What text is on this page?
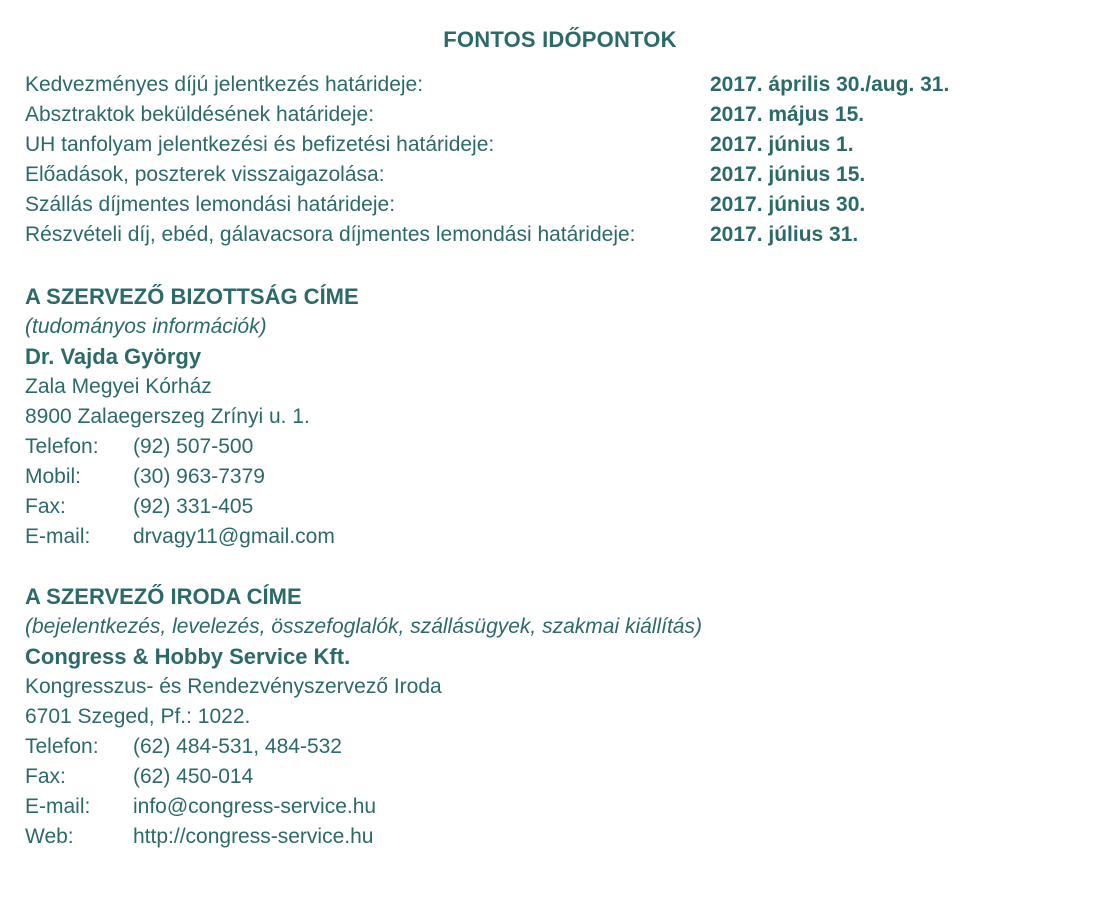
FONTOS IDŐPONTOK
Kedvezményes díjú jelentkezés határideje:	2017. április 30./aug. 31.
Absztraktok beküldésének határideje:	2017. május 15.
UH tanfolyam jelentkezési és befizetési határideje:	2017. június 1.
Előadások, poszterek visszaigazolása:	2017. június 15.
Szállás díjmentes lemondási határideje:	2017. június 30.
Részvételi díj, ebéd, gálavacsora díjmentes lemondási határideje:	2017. július 31.
A SZERVEZŐ BIZOTTSÁG CÍME
(tudományos információk)
Dr. Vajda György
Zala Megyei Kórház
8900 Zalaegerszeg Zrínyi u. 1.
Telefon:	(92) 507-500
Mobil:	(30) 963-7379
Fax:	(92) 331-405
E-mail:	drvagy11@gmail.com
A SZERVEZŐ IRODA CÍME
(bejelentkezés, levelezés, összefoglalók, szállásügyek, szakmai kiállítás)
Congress & Hobby Service Kft.
Kongresszus- és Rendezvényszervező Iroda
6701 Szeged, Pf.: 1022.
Telefon:	(62) 484-531, 484-532
Fax:	(62) 450-014
E-mail:	info@congress-service.hu
Web:	http://congress-service.hu
